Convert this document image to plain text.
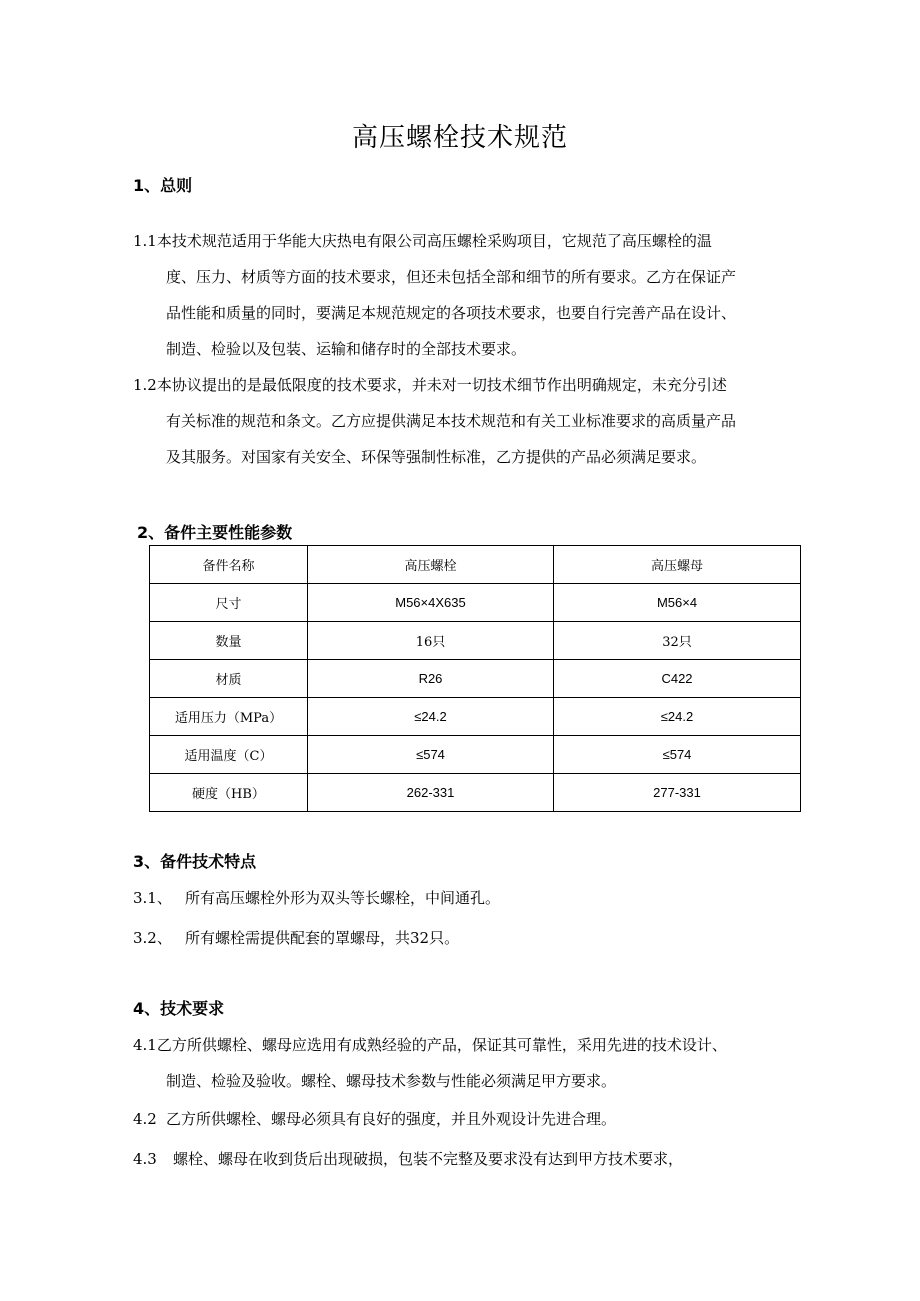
高压螺栓技术规范
1、总则
1.1本技术规范适用于华能大庆热电有限公司高压螺栓采购项目，它规范了高压螺栓的温
度、压力、材质等方面的技术要求，但还未包括全部和细节的所有要求。乙方在保证产
品性能和质量的同时，要满足本规范规定的各项技术要求，也要自行完善产品在设计、
制造、检验以及包装、运输和储存时的全部技术要求。
1.2本协议提出的是最低限度的技术要求，并未对一切技术细节作出明确规定，未充分引述
有关标准的规范和条文。乙方应提供满足本技术规范和有关工业标准要求的高质量产品
及其服务。对国家有关安全、环保等强制性标准，乙方提供的产品必须满足要求。
2、备件主要性能参数
备件名称	高压螺栓	高压螺母
尺寸	M56×4X635	M56×4
数量	16只	32只
材质	R26	C422
适用压力（MPa）	≤24.2	≤24.2
适用温度（C）	≤574	≤574
硬度（HB）	262-331	277-331
3、备件技术特点
3.1、 所有高压螺栓外形为双头等长螺栓，中间通孔。
3.2、 所有螺栓需提供配套的罩螺母，共32只。
4、技术要求
4.1乙方所供螺栓、螺母应选用有成熟经验的产品，保证其可靠性，采用先进的技术设计、
制造、检验及验收。螺栓、螺母技术参数与性能必须满足甲方要求。
4.2 乙方所供螺栓、螺母必须具有良好的强度，并且外观设计先进合理。
4.3 螺栓、螺母在收到货后出现破损，包装不完整及要求没有达到甲方技术要求，
